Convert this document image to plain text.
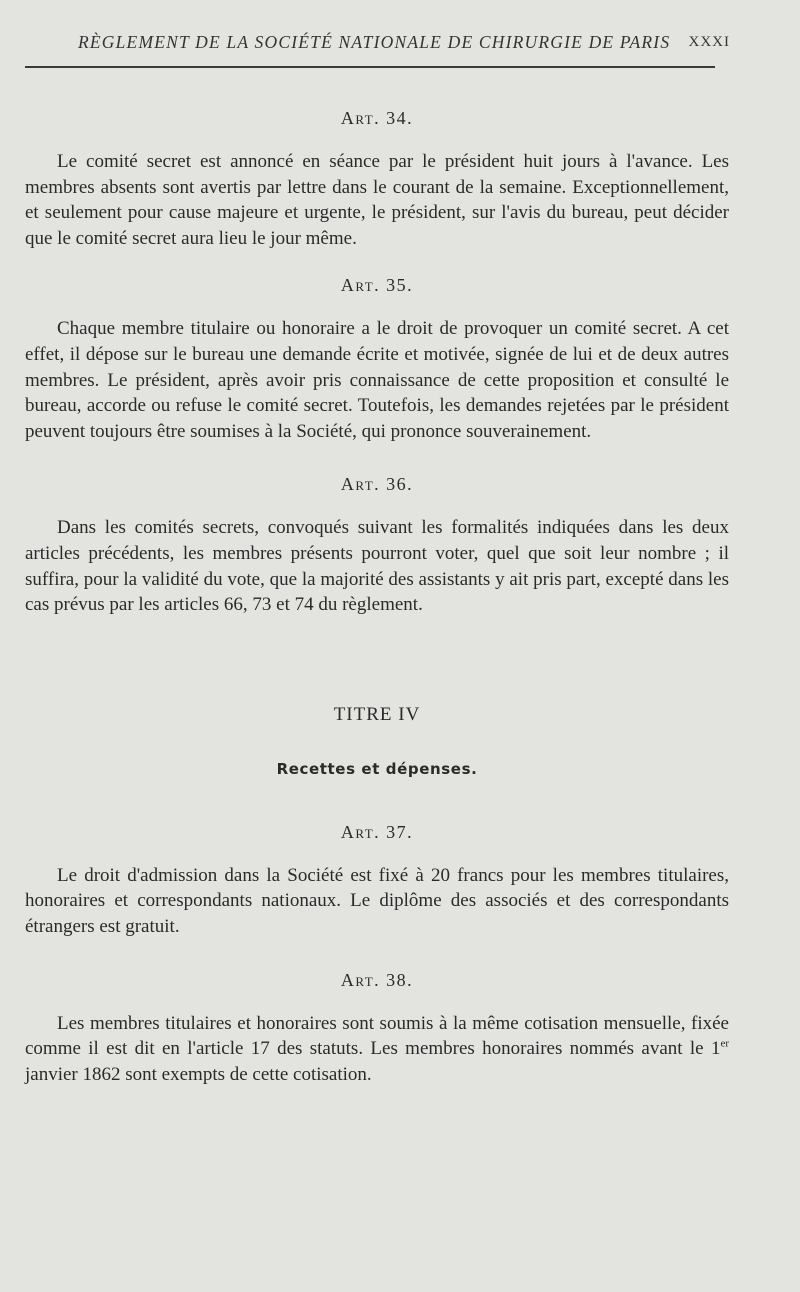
RÈGLEMENT DE LA SOCIÉTÉ NATIONALE DE CHIRURGIE DE PARIS XXXI
Art. 34.

Le comité secret est annoncé en séance par le président huit jours à l'avance. Les membres absents sont avertis par lettre dans le courant de la semaine. Exceptionnellement, et seulement pour cause majeure et urgente, le président, sur l'avis du bureau, peut décider que le comité secret aura lieu le jour même.

Art. 35.

Chaque membre titulaire ou honoraire a le droit de provoquer un comité secret. A cet effet, il dépose sur le bureau une demande écrite et motivée, signée de lui et de deux autres membres. Le président, après avoir pris connaissance de cette proposition et consulté le bureau, accorde ou refuse le comité secret. Toutefois, les demandes rejetées par le président peuvent toujours être soumises à la Société, qui prononce souverainement.

Art. 36.

Dans les comités secrets, convoqués suivant les formalités indiquées dans les deux articles précédents, les membres présents pourront voter, quel que soit leur nombre ; il suffira, pour la validité du vote, que la majorité des assistants y ait pris part, excepté dans les cas prévus par les articles 66, 73 et 74 du règlement.

TITRE IV
Recettes et dépenses.
Art. 37.

Le droit d'admission dans la Société est fixé à 20 francs pour les membres titulaires, honoraires et correspondants nationaux. Le diplôme des associés et des correspondants étrangers est gratuit.

Art. 38.

Les membres titulaires et honoraires sont soumis à la même cotisation mensuelle, fixée comme il est dit en l'article 17 des statuts. Les membres honoraires nommés avant le 1er janvier 1862 sont exempts de cette cotisation.
